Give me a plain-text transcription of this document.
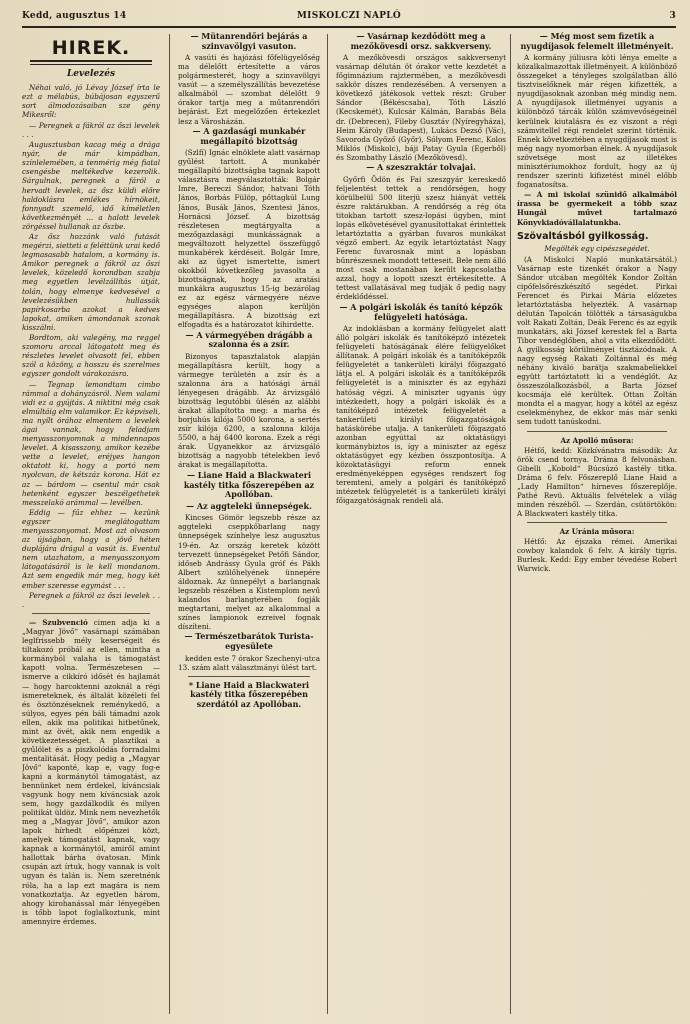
Kedd, augusztus 14	MISKOLCZI NAPLÓ	3
HIREK.
Levelezés

Néhai való, jó Lévay József írta le ezt a mélabús, búbájosan egyszerű sort álmodozásaiban sze gény Mikesről:

— Peregnek a fákról az őszi levelek . . .

Augusztusban kacag még a drága nyár, de már kimpádban, színlelemében, a tenmérig még fiatal csengésbe meltékedve kezerolik. Sárgulnak, peregnek a fáról a hervadt levelek, az ősz küldi előre haldoklásra emlékes hírnökeit, fonnyadt szemelő, idő kíméletlen következményét ... a halott levelek zörgéssel hullanak az őszbe.

Az ősz hozzánk való futását megérzi, sietteti a feléttünk urai kedő legmasasabb hatalom, a kormány is. Amikor peregnek a fákról az őszi levelek, közeledő korondban szabja meg egyetlen levélzállítás útját, tolán, hogy elmenye kedvesével a levelezésükben hullassák papírkosarba azokat a kedves lapokat, amiken ámondanak szonak kisszálni.

Bordtom, aki valegény, ma reggel szomoru arccal látogatott meg és részletes levelet olvasott fel, ebben szól a közöny, a hosszu és szerelmes egyszer gondolt várakozásra.

— Tegnap lemondtam cimbo rámmal a dohányzásról. Nem valami vidi ez a gyújtás. A niktitni még csak elmúltáig elm valamikor. Ez képviseli, ma nyílt órához elmentem a levelek ágai vannak, hogy feladjam menyasszonyomnak a mindennapos levelet. A kisasszony, amikor kezébe vette a levelet, eréjyes hangon oktatott ki, hogy a portó nem nyolcvan, de kétszáz korona. Hát ez az — bárdom — csentul már csak hetenként egyszer beszélgethetek messzelakó arámmal — levélben.

Eddig — fűz ehhez — kezünk egyszer meglátogattam menyasszonyomat. Most azt olvasom az újságban, hogy a jövő héten duplájára drágul a vasút is. Eventul nem utazhatom, a menyasszonyom látogatásáról is le kell mondanom. Azt sem engedik már meg, hogy két ember szeresse egymást . . .

Peregnek a fákról az őszi levelek . . .

— Szubvenció cimen adja ki a „Magyar Jövő“ vasárnapi számában leglfrissebb mély keserségeit és tiltakozó próbál az ellen, mintha a kormányból valaha is támogatást kapott volna. Természetesen — ismerve a cikkíró idősét és hajlamát — hogy harcoktenni azoknál a régi ismereteknek, és általát közéleti fel és ösztönzéseknek reménykedő, a súlyos, egyes pén báli támadni azok ellen, akik ma politikai hitbetűnek, mint az övét, akik nem engedik a következetességet. A plasztikai a gyűlölet és a piszkolódás forradalmi mentalitását. Hogy pedig a „Magyar Jövő“ kaponté, kap e, vagy fog-e kapni a kormánytól támogatást, az bennünket nem érdekel, kíváncsiak vagyunk hogy nem kíváncsiak azok sem, hogy gazdálkodik és milyen politikát üldöz. Mink nem nevezhetők meg a „Magyar Jövő“, amikor azon lapok hírhedt előpénzei közt, amelyek támogatást kapnak, vagy kapnak a kormánytól, amiről amint hallottak bárha óvatosan. Mink csupán azt írtuk, hogy vannak is volt ugyan és talán is. Nem szeretnénk róla, ha a lap ezt magára is nem vonatkoztatja. Az egyetlen három, ahogy kirohanással már lényegében is tőbb lapot foglalkoztunk, mint amennyire érdemes.

— Mütanrendőri bejárás a szinvavölgyi vasuton.

A vasúti és hajózási főfelügyelőség ma délelőtt értesítette a város polgármesterét, hogy a szinvavölgyi vasút — a személyszállítás bevezetése alkalmából — szombat délelőtt 9 órakor tartja meg a műtanrendőri bejárást. Ezt megelőzően értekezlet lesz a Városházán.

— A gazdasági munkabér megállapító bizottság

(Szlfí) Ignác elnöklete alatt vasárnap gyűlést tartott. A munkabér megállapító bizottságba tagnak kapott választásra megválasztották: Bolgár Imre, Bereczi Sándor, hatvani Tóth János, Borbás Fülöp, pőttagkúl Lung János, Busák János, Szentesi János, Hornácsi József. A bizottság részletesen megtárgyalta a mezőgazdasági munkásságnak a megváltozott helyzettel összefüggő munkabérek kérdéseit. Bolgár Imre, aki az ügyet ismertette, ismert okokból következőleg javasolta a bizottságnak, hogy az aratási munkákra augusztus 15-ig bezárólag ez az egész vármegyére nézve egységes alapon kerüljön megállapításra. A bizottság ezt elfogadta és a határozatot kihirdette.

— A vármegyében drágább a szalonna és a zsír.

Bizonyos tapasztalatok alapján megállapításra került, hogy a vármegye területén a zsír és a szalonna ára a hatósági árnál lényegesen drágább. Az árvizsgáló bizottság legutóbbi ülésén az alábbi árakat állapította meg: a marha és borjuhús kilója 5000 korona, a sertés zsír kilója 6200, a szalonna kilója 5500, a háj 6400 korona. Ezek a régi árak. Ugyanekkor az árvizsgáló bizottság a nagyobb tételekben levő árakat is megállapította.

— Liane Haid a Blackwateri kastély titka főszerepében az Apollóban.
— Az aggteleki ünnepségek.

Kincses Gömör legszebb része az aggteleki cseppkőbarlang nagy ünnepségek színhelye lesz augusztus 19-én. Az ország keretek között tervezett ünnepségeket Petőfi Sándor, időseb Andrássy Gyula gróf és Pákh Albert szülőhelyének ünnepére áldoznak. Az ünnepélyt a barlangnak legszebb részében a Kistemplom nevű kalandos barlangterében fogják megtartani, melyet az alkalommal a színes lampionok ezreivel fognak díszíteni.

— Természetbarátok Turista-egyesülete

kedden este 7 órakor Szechenyi-utca 13. szám alatt választmányi ülést tart.

* Liane Haid a Blackwateri kastély titka főszerepében szerdától az Apollóban.
— Vasárnap kezdődött meg a mezőkövesdi orsz. sakkverseny.

A mezőkövesdi országos sakkversenyt vasárnap délután öt órakor vette kezdetét a főgimnázium rajztermében, a mezőkövesdi sakkör díszes rendezésében. A versenyen a következő játékosok vettek részt: Gruber Sándor (Békéscsaba), Tóth László (Kecskemét), Kulcsár Kálmán, Barabás Béla dr. (Debrecen), Fileby Gusztáv (Nyíregyháza), Heim Károly (Budapest), Lukács Dezső (Vác), Savoroda Győző (Győr), Sólyom Ferenc, Kolos Miklós (Miskolc), báji Patay Gyula (Egerből) és Szombathy László (Mezőkövesd).

— A szeszraktár tolvajai.

Győrfi Ödön és Fai szeszgyár kereskedő feljelentést tettek a rendőrségen, hogy körülbelül 500 literjü szesz hiányát vették észre raktárukban. A rendőrség a rég óta titokban tartott szesz-lopási ügyben, mint lopás elkövetésével gyanusítottakat érintettek letartóztatta a gyárban fuvaros munkákat végző embert. Az egyik letartóztatást Nagy Ferenc fuvarosnak mint a lopásban bűnrészesnek mondott tetteseit. Bele nem álló most csak mostanában került kapcsolatba azzal, hogy a lopott szeszt értékesítette. A tettest vallatásával meg tudják ő pedig nagy érdeklődéssel.

— A polgári iskolák és tanító képzők felügyeleti hatósága.

Az indoklásban a kormány felügyelet alatt álló polgári iskolák és tanítóképző intézetek felügyeleti hatóságának élére felügyelőket állítanak. A polgári iskolák és a tanítóképzők felügyeletét a tankerületi királyi főigazgató látja el. A polgári iskolák és a tanítóképzők felügyeletét is a miniszter és az egyházi hatóság végzi. A miniszter ugyanis úgy intézkedett, hogy a polgári iskolák és a tanítóképző intézetek felügyeletét a tankerületi királyi főigazgatóságok hatáskörébe utalja. A tankerületi főigazgató azonban egyúttal az oktatásügyi kormánybiztos is, így a miniszter az egész oktatásügyet egy kézben összpontosítja. A közoktatásügyi reform ennek eredményeképpen egységes rendszert fog teremteni, amely a polgári és tanítóképző intézetek felügyeletét is a tankerületi királyi főigazgatóságnak rendeli alá.

— Még most sem fizetik a nyugdíjasok felemelt illetményeit.

A kormány júliusra köti lénya emelte a közalkalmazottak illetményeit. A különböző összegeket a tényleges szolgálatban álló tisztviselőknek már régen kifizették, a nyugdíjasoknak azonban még mindig nem. A nyugdíjasok illetményei ugyanis a különböző tárcák külön számvevőségeinél kerülnek kiutalásra és ez viszont a régi számvitellel régi rendelet szerint történik. Ennek következtében a nyugdíjasok most is még nagy nyomorban élnek. A nyugdíjasok szövetsége most az illetékes minisztériumokhoz fordult, hogy az új rendszer szerinti kifizetést minél előbb foganatosítsa.

— A mi iskolai szünidő alkalmából írassa be gyermekeit a tóbb szaz Hungál művet tartalmazó Könyvkiadóvállalatunkba.

Szövaltásból gyilkosság.
Megölték egy cipészsegédet.

(A Miskolci Napló munkatársától.) Vasárnap este tizenkét órakor a Nagy Sándor utcában megölték Kondor Zoltán cipőfelsőrészkészítő segédet. Pirkai Ferencet és Pirkai Mária előzetes letartóztatásba helyezték. A vasárnap délután Tapolcán tölötték a társaságukba volt Rakati Zoltán, Deák Ferenc és az egyik munkatárs, aki József kerestek fel a Barta Tibor vendéglőben, ahol a vita elkezdődött. A gyilkosság körülményei tisztázódnak. A nagy egység Rakati Zoltánnal és még néhány kiváló barátja szakmabeliekkel együtt tartóztatott ki a vendéglőt. Az összeszólalkozásból, a Barta József kocsmája elé kerültek. Ottan Zoltán mondta el a magyar, hogy a kötél az egész cselekményhez, de ekkor más már senki sem tudott tanúskodni.

Az Apolló műsora:

Hétfő, kedd: Közkívánatra második: Az örök csend tornya. Dráma 8 felvonásban. Gibelli „Kobold“ Búcsúzó kastély titka. Dráma 6 felv. Főszereplő Liane Haid a „Lady Hamilton“ hírneves főszereplője. Pathé Revü. Aktuális felvételek a világ minden részéből. — Szerdán, csütörtökön: A Blackwateri kastély titka.

Az Uránia műsora:

Hétfő: Az éjszaka rémei. Amerikai cowboy kalandok 6 felv. A király tigris. Burlesk. Kedd: Egy ember tévedése Robert Warwick.
